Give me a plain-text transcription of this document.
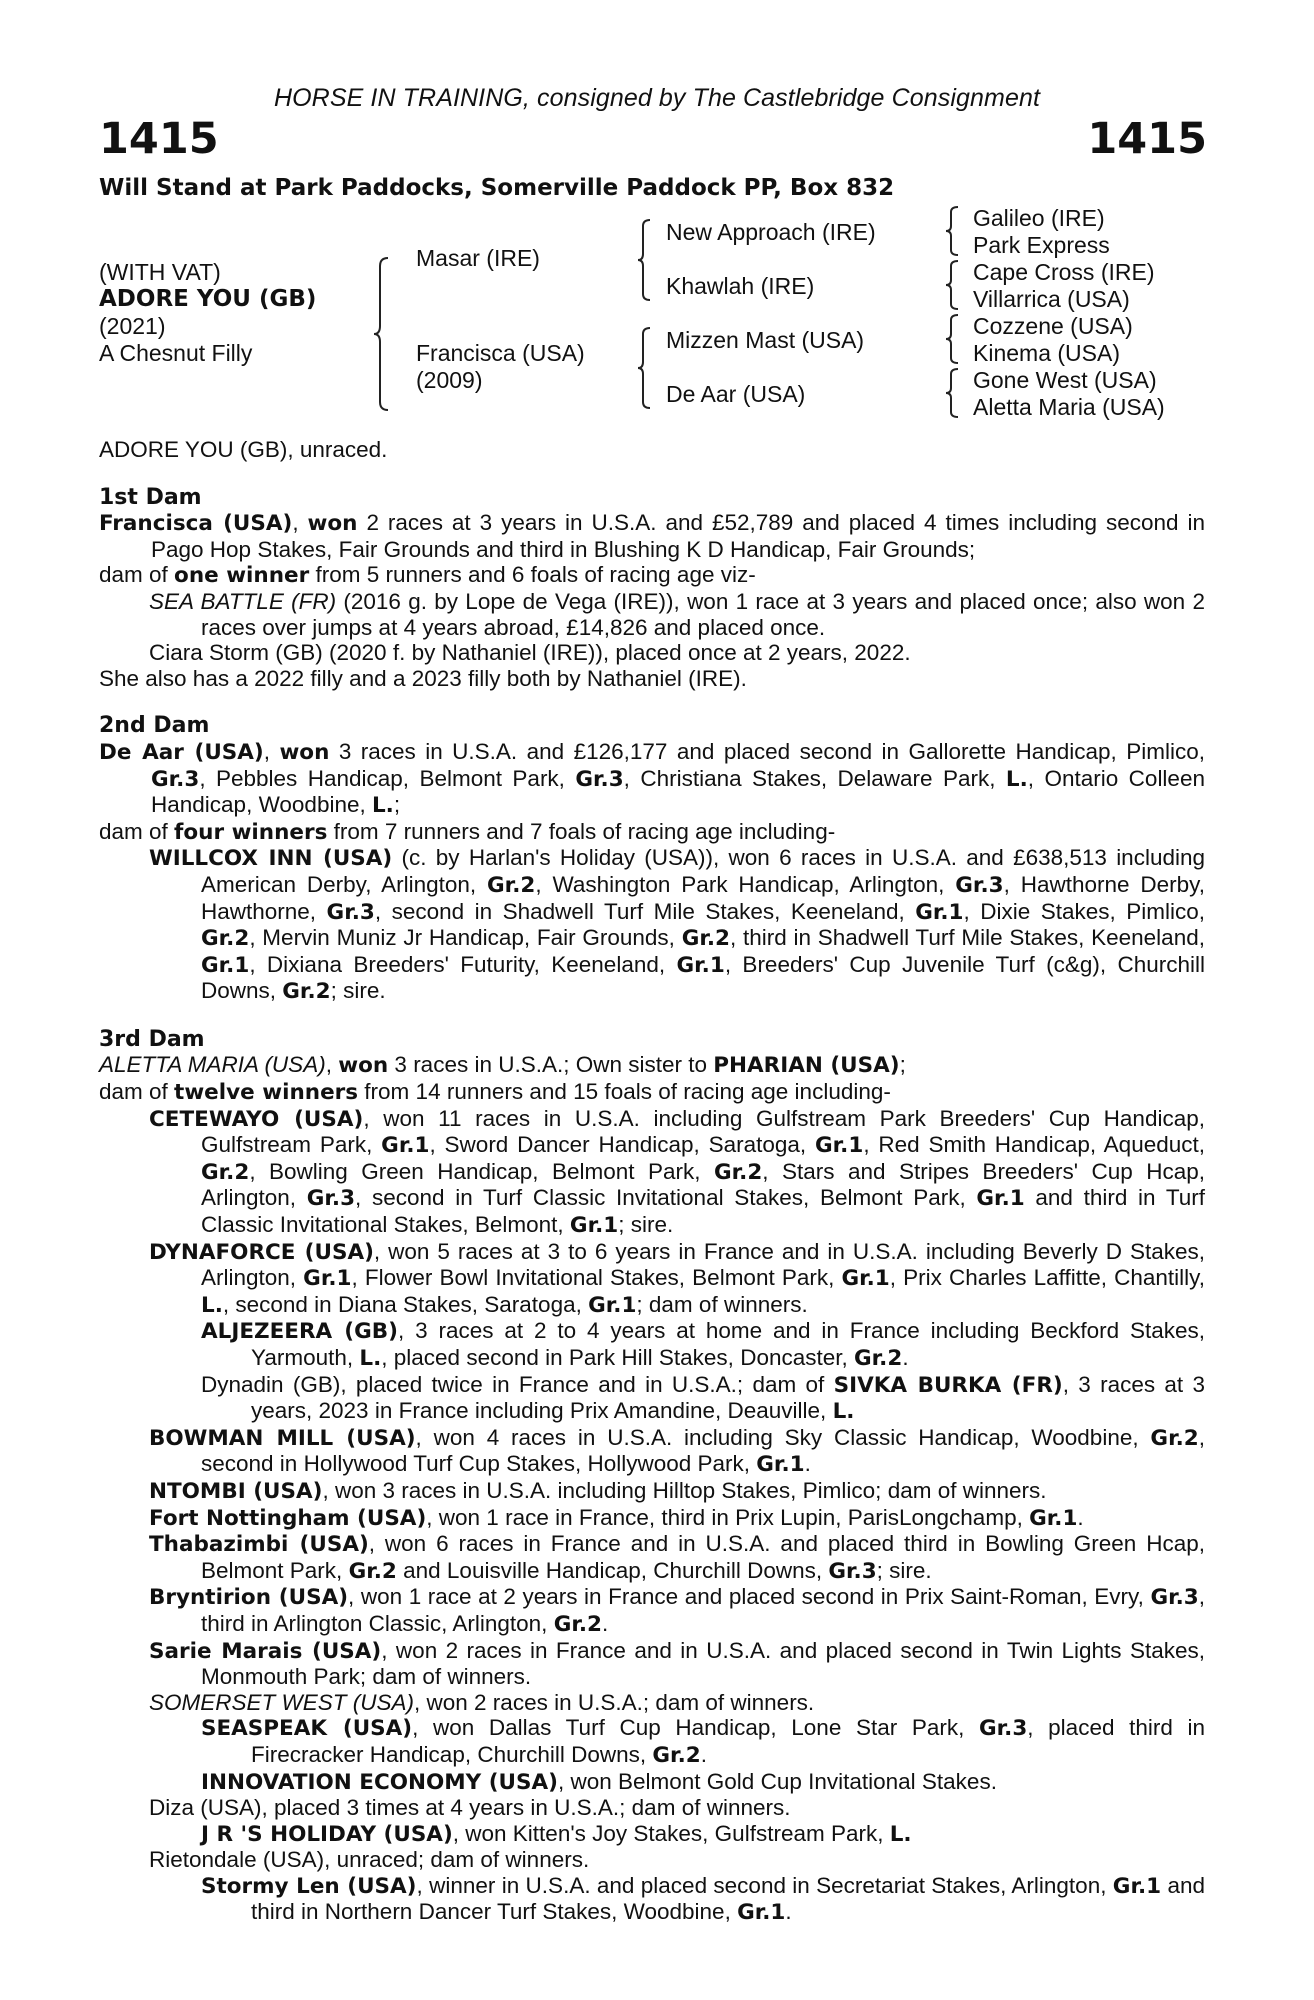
HORSE IN TRAINING, consigned by The Castlebridge Consignment
1415	1415
Will Stand at Park Paddocks, Somerville Paddock PP, Box 832
(WITH VAT)
ADORE YOU (GB)
(2021)
A Chesnut Filly
Masar (IRE)
Francisca (USA)
(2009)
New Approach (IRE)
Khawlah (IRE)
Mizzen Mast (USA)
De Aar (USA)
Galileo (IRE)
Park Express
Cape Cross (IRE)
Villarrica (USA)
Cozzene (USA)
Kinema (USA)
Gone West (USA)
Aletta Maria (USA)

ADORE YOU (GB), unraced.

1st Dam

Francisca (USA), won 2 races at 3 years in U.S.A. and £52,789 and placed 4 times including second in Pago Hop Stakes, Fair Grounds and third in Blushing K D Handicap, Fair Grounds;

dam of one winner from 5 runners and 6 foals of racing age viz-

SEA BATTLE (FR) (2016 g. by Lope de Vega (IRE)), won 1 race at 3 years and placed once; also won 2 races over jumps at 4 years abroad, £14,826 and placed once.

Ciara Storm (GB) (2020 f. by Nathaniel (IRE)), placed once at 2 years, 2022.

She also has a 2022 filly and a 2023 filly both by Nathaniel (IRE).

2nd Dam

De Aar (USA), won 3 races in U.S.A. and £126,177 and placed second in Gallorette Handicap, Pimlico, Gr.3, Pebbles Handicap, Belmont Park, Gr.3, Christiana Stakes, Delaware Park, L., Ontario Colleen Handicap, Woodbine, L.;

dam of four winners from 7 runners and 7 foals of racing age including-

WILLCOX INN (USA) (c. by Harlan's Holiday (USA)), won 6 races in U.S.A. and £638,513 including American Derby, Arlington, Gr.2, Washington Park Handicap, Arlington, Gr.3, Hawthorne Derby, Hawthorne, Gr.3, second in Shadwell Turf Mile Stakes, Keeneland, Gr.1, Dixie Stakes, Pimlico, Gr.2, Mervin Muniz Jr Handicap, Fair Grounds, Gr.2, third in Shadwell Turf Mile Stakes, Keeneland, Gr.1, Dixiana Breeders' Futurity, Keeneland, Gr.1, Breeders' Cup Juvenile Turf (c&g), Churchill Downs, Gr.2; sire.

3rd Dam

ALETTA MARIA (USA), won 3 races in U.S.A.; Own sister to PHARIAN (USA);

dam of twelve winners from 14 runners and 15 foals of racing age including-

CETEWAYO (USA), won 11 races in U.S.A. including Gulfstream Park Breeders' Cup Handicap, Gulfstream Park, Gr.1, Sword Dancer Handicap, Saratoga, Gr.1, Red Smith Handicap, Aqueduct, Gr.2, Bowling Green Handicap, Belmont Park, Gr.2, Stars and Stripes Breeders' Cup Hcap, Arlington, Gr.3, second in Turf Classic Invitational Stakes, Belmont Park, Gr.1 and third in Turf Classic Invitational Stakes, Belmont, Gr.1; sire.

DYNAFORCE (USA), won 5 races at 3 to 6 years in France and in U.S.A. including Beverly D Stakes, Arlington, Gr.1, Flower Bowl Invitational Stakes, Belmont Park, Gr.1, Prix Charles Laffitte, Chantilly, L., second in Diana Stakes, Saratoga, Gr.1; dam of winners.

ALJEZEERA (GB), 3 races at 2 to 4 years at home and in France including Beckford Stakes, Yarmouth, L., placed second in Park Hill Stakes, Doncaster, Gr.2.

Dynadin (GB), placed twice in France and in U.S.A.; dam of SIVKA BURKA (FR), 3 races at 3 years, 2023 in France including Prix Amandine, Deauville, L.

BOWMAN MILL (USA), won 4 races in U.S.A. including Sky Classic Handicap, Woodbine, Gr.2, second in Hollywood Turf Cup Stakes, Hollywood Park, Gr.1.

NTOMBI (USA), won 3 races in U.S.A. including Hilltop Stakes, Pimlico; dam of winners.

Fort Nottingham (USA), won 1 race in France, third in Prix Lupin, ParisLongchamp, Gr.1.

Thabazimbi (USA), won 6 races in France and in U.S.A. and placed third in Bowling Green Hcap, Belmont Park, Gr.2 and Louisville Handicap, Churchill Downs, Gr.3; sire.

Bryntirion (USA), won 1 race at 2 years in France and placed second in Prix Saint-Roman, Evry, Gr.3, third in Arlington Classic, Arlington, Gr.2.

Sarie Marais (USA), won 2 races in France and in U.S.A. and placed second in Twin Lights Stakes, Monmouth Park; dam of winners.

SOMERSET WEST (USA), won 2 races in U.S.A.; dam of winners.

SEASPEAK (USA), won Dallas Turf Cup Handicap, Lone Star Park, Gr.3, placed third in Firecracker Handicap, Churchill Downs, Gr.2.

INNOVATION ECONOMY (USA), won Belmont Gold Cup Invitational Stakes.

Diza (USA), placed 3 times at 4 years in U.S.A.; dam of winners.

J R 'S HOLIDAY (USA), won Kitten's Joy Stakes, Gulfstream Park, L.

Rietondale (USA), unraced; dam of winners.

Stormy Len (USA), winner in U.S.A. and placed second in Secretariat Stakes, Arlington, Gr.1 and third in Northern Dancer Turf Stakes, Woodbine, Gr.1.
